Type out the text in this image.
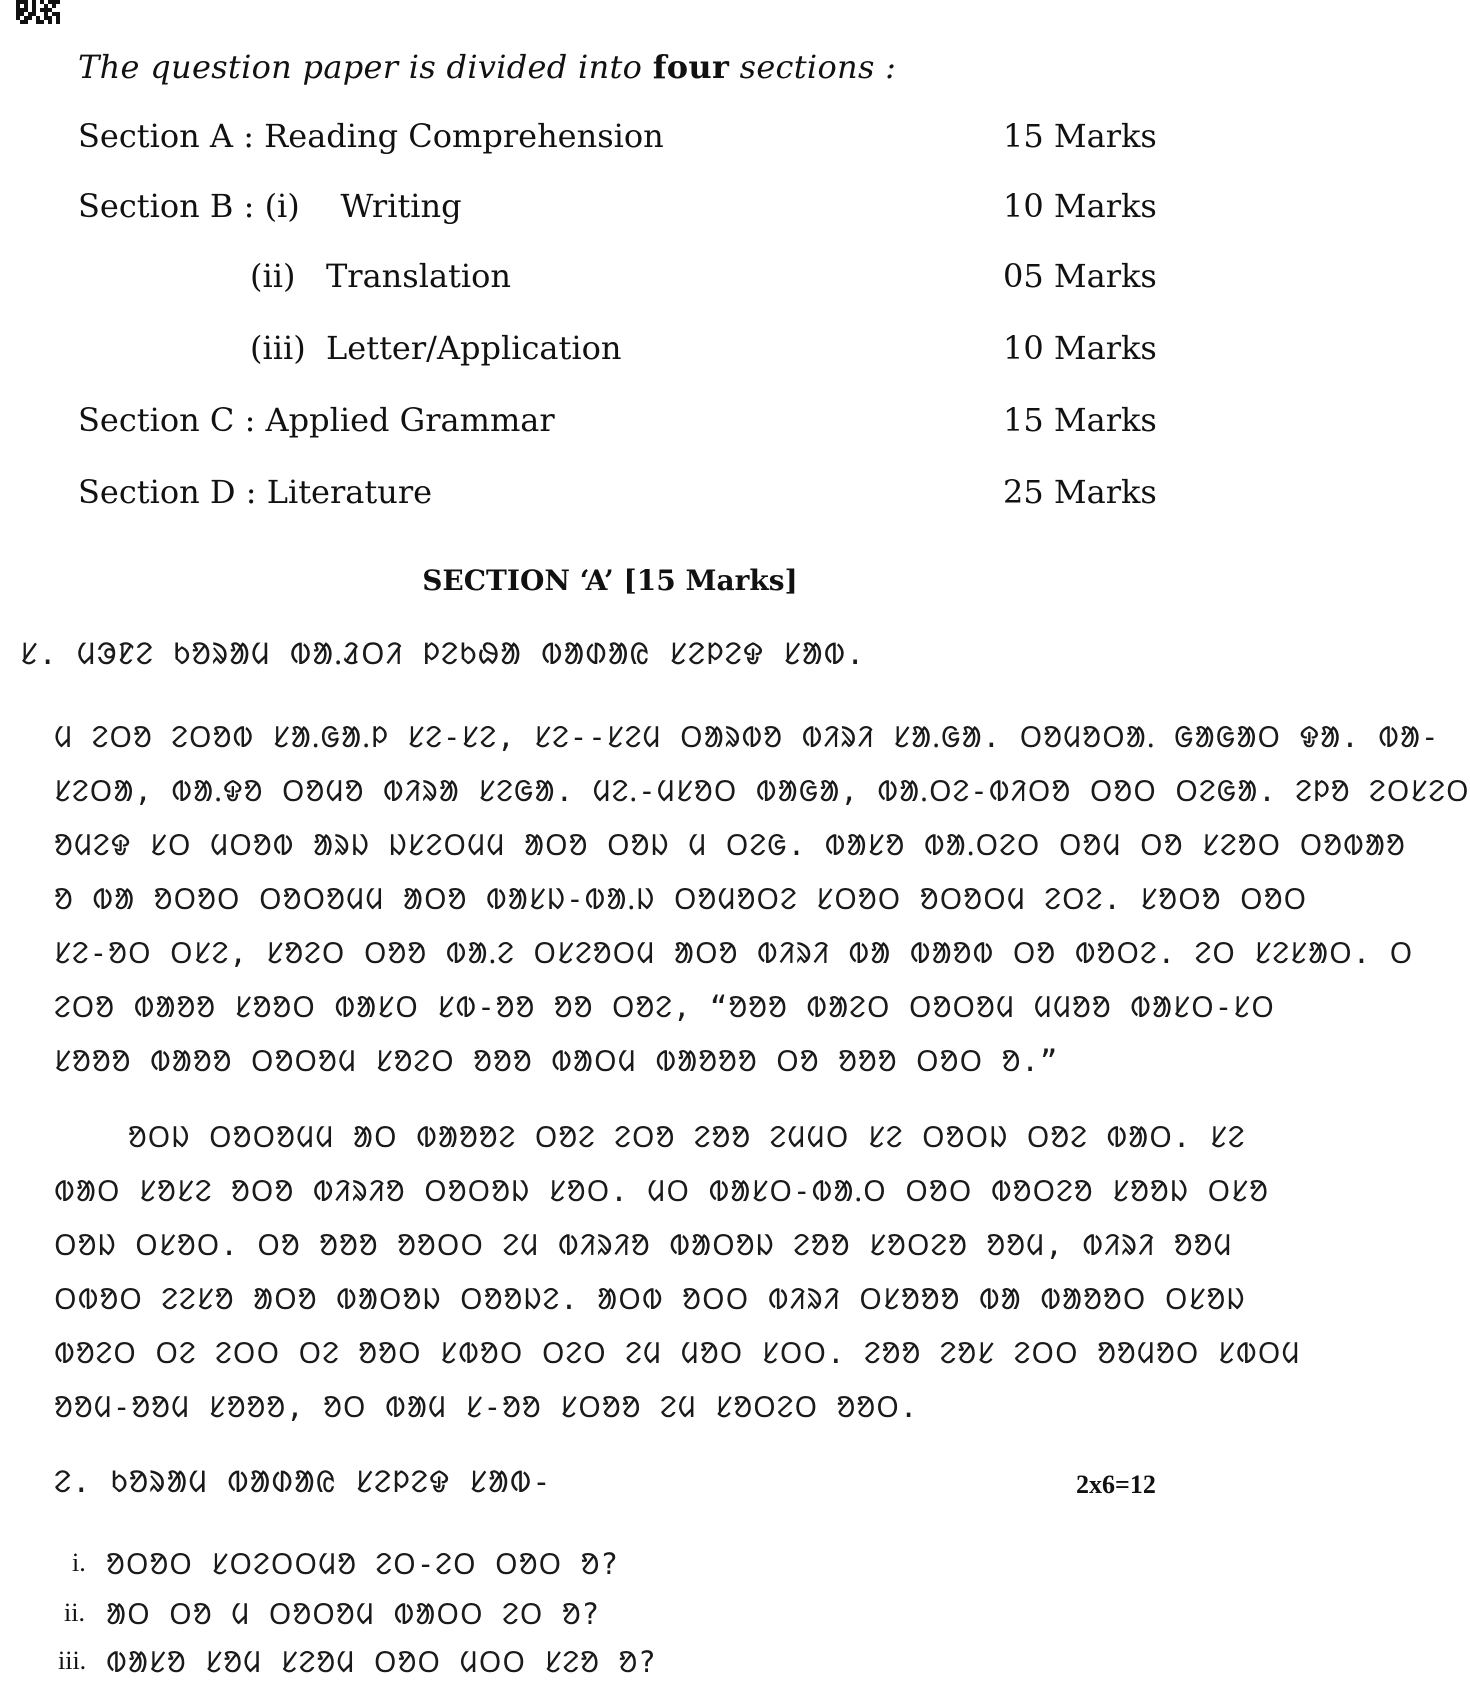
The question paper is divided into four sections :
Section A : Reading Comprehension	15 Marks
Section B : (i)    Writing	10 Marks
(ii)   Translation	05 Marks
(iii)  Letter/Application	10 Marks
Section C : Applied Grammar	15 Marks
Section D : Literature	25 Marks
SECTION ‘A’ [15 Marks]
ᱥ. ᱢᱳᱱᱮ ᱠᱚᱨᱟᱢ ᱵᱟᱹᱲᱛᱤ ᱞᱮᱠᱷᱟ ᱵᱟᱰᱟᱭ ᱥᱮᱞᱮᱫ ᱥᱟᱵ.
ᱢ ᱮᱛᱚ ᱮᱛᱚᱵ ᱥᱟᱹᱜᱟᱹᱞ ᱥᱮ-ᱥᱮ, ᱥᱮ--ᱥᱮᱢ ᱛᱟᱨᱵᱚ ᱵᱤᱨᱤ ᱥᱟᱹᱜᱟ. ᱛᱚᱢᱚᱛᱟᱹ ᱜᱟᱜᱟᱛ ᱫᱟ. ᱵᱟ-
ᱥᱮᱛᱟ, ᱵᱟᱹᱫᱚ ᱛᱚᱢᱚ ᱵᱤᱨᱟ ᱥᱮᱜᱟ. ᱢᱮᱹ-ᱢᱥᱚᱛ ᱵᱟᱜᱟ, ᱵᱟᱹᱛᱮ-ᱵᱤᱛᱚ ᱛᱚᱛ ᱛᱮᱜᱟ. ᱮᱞᱚ ᱮᱛᱥᱮᱛ
ᱚᱢᱮᱫ ᱥᱛ ᱢᱛᱚᱵ ᱟᱨᱡ ᱡᱥᱮᱛᱢᱢ ᱟᱛᱚ ᱛᱚᱡ ᱢ ᱛᱮᱜ. ᱵᱟᱥᱚ ᱵᱟᱹᱛᱮᱛ ᱛᱚᱢ ᱛᱚ ᱥᱮᱚᱛ ᱛᱚᱵᱟᱚ
ᱚ ᱵᱟ ᱚᱛᱚᱛ ᱛᱚᱛᱚᱢᱢ ᱟᱛᱚ ᱵᱟᱥᱡ-ᱵᱟᱹᱡ ᱛᱚᱢᱚᱛᱮ ᱥᱛᱚᱛ ᱚᱛᱚᱛᱢ ᱮᱛᱮ. ᱥᱚᱛᱚ ᱛᱚᱛ
ᱥᱮ-ᱚᱛ ᱛᱥᱮ, ᱥᱚᱮᱛ ᱛᱚᱚ ᱵᱟᱹᱮ ᱛᱥᱮᱚᱛᱢ ᱟᱛᱚ ᱵᱤᱨᱤ ᱵᱟ ᱵᱟᱚᱵ ᱛᱚ ᱵᱚᱛᱮ. ᱮᱛ ᱥᱮᱥᱟᱛ. ᱛ
ᱮᱛᱚ ᱵᱟᱚᱚ ᱥᱚᱚᱛ ᱵᱟᱥᱛ ᱥᱵ-ᱚᱚ ᱚᱚ ᱛᱚᱮ, “ᱚᱚᱚ ᱵᱟᱮᱛ ᱛᱚᱛᱚᱢ ᱢᱢᱚᱚ ᱵᱟᱥᱛ-ᱥᱛ
ᱥᱚᱚᱚ ᱵᱟᱚᱚ ᱛᱚᱛᱚᱢ ᱥᱚᱮᱛ ᱚᱚᱚ ᱵᱟᱛᱢ ᱵᱟᱚᱚᱚ ᱛᱚ ᱚᱚᱚ ᱛᱚᱛ ᱚ.”
ᱚᱛᱡ ᱛᱚᱛᱚᱢᱢ ᱟᱛ ᱵᱟᱚᱚᱮ ᱛᱚᱮ ᱮᱛᱚ ᱮᱚᱚ ᱮᱢᱢᱛ ᱥᱮ ᱛᱚᱛᱡ ᱛᱚᱮ ᱵᱟᱛ. ᱥᱮ
ᱵᱟᱛ ᱥᱚᱥᱮ ᱚᱛᱚ ᱵᱤᱨᱤᱚ ᱛᱚᱛᱚᱡ ᱥᱚᱛ. ᱢᱛ ᱵᱟᱥᱛ-ᱵᱟᱹᱛ ᱛᱚᱛ ᱵᱚᱛᱮᱚ ᱥᱚᱚᱡ ᱛᱥᱚ
ᱛᱚᱡ ᱛᱥᱚᱛ. ᱛᱚ ᱚᱚᱚ ᱚᱚᱛᱛ ᱮᱢ ᱵᱤᱨᱤᱚ ᱵᱟᱛᱚᱡ ᱮᱚᱚ ᱥᱚᱛᱮᱚ ᱚᱚᱢ, ᱵᱤᱨᱤ ᱚᱚᱢ
ᱛᱵᱚᱛ ᱮᱮᱥᱚ ᱟᱛᱚ ᱵᱟᱛᱚᱡ ᱛᱚᱚᱡᱮ. ᱟᱛᱵ ᱚᱛᱛ ᱵᱤᱨᱤ ᱛᱥᱚᱚᱚ ᱵᱟ ᱵᱟᱚᱚᱛ ᱛᱥᱚᱡ
ᱵᱚᱮᱛ ᱛᱮ ᱮᱛᱛ ᱛᱮ ᱚᱚᱛ ᱥᱵᱚᱛ ᱛᱮᱛ ᱮᱢ ᱢᱚᱛ ᱥᱛᱛ. ᱮᱚᱚ ᱮᱚᱥ ᱮᱛᱛ ᱚᱚᱢᱚᱛ ᱥᱵᱛᱢ
ᱚᱚᱢ-ᱚᱚᱢ ᱥᱚᱚᱚ, ᱚᱛ ᱵᱟᱢ ᱥ-ᱚᱚ ᱥᱛᱚᱚ ᱮᱢ ᱥᱚᱛᱮᱛ ᱚᱚᱛ.
ᱮ. ᱠᱚᱨᱟᱢ ᱵᱟᱰᱟᱭ ᱥᱮᱞᱮᱫ ᱥᱟᱵ-	2x6=12
i. ᱚᱛᱚᱛ ᱥᱛᱮᱛᱛᱢᱚ ᱮᱛ-ᱮᱛ ᱛᱚᱛ ᱚ?
ii. ᱟᱛ ᱛᱚ ᱢ ᱛᱚᱛᱚᱢ ᱵᱟᱛᱛ ᱮᱛ ᱚ?
iii. ᱵᱟᱥᱚ ᱥᱚᱢ ᱥᱮᱚᱢ ᱛᱚᱛ ᱢᱛᱛ ᱥᱮᱚ ᱚ?
